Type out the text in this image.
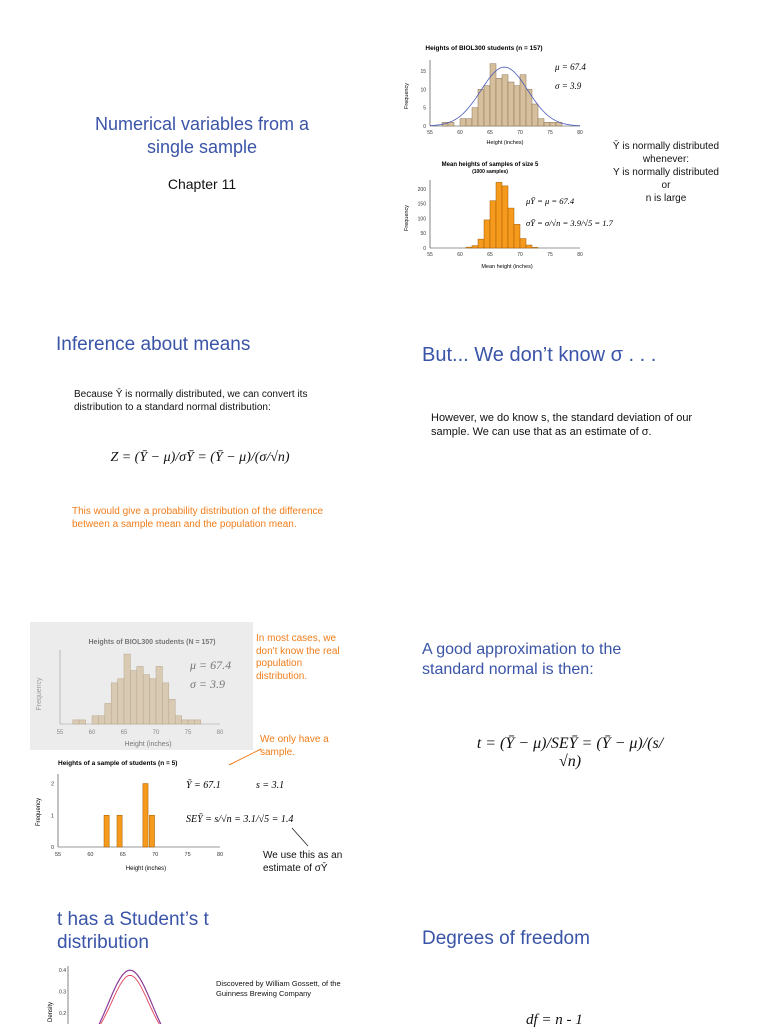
Numerical variables from a single sample
Chapter 11
Heights of BIOL300 students (n = 157)
55	60	65	70	75	80
0
5
10
15
Height (inches)
Frequency
μ = 67.4
σ = 3.9
Mean heights of samples of size 5
(1000 samples)
55	60	65	70	75	80
0
50
100
150
200
Mean height (inches)
Frequency
μȲ = μ = 67.4
σȲ = σ/√n = 3.9/√5 = 1.7
Ȳ is normally distributed
whenever:
Y is normally distributed
or
n is large
Inference about means
Because Ȳ is normally distributed, we can convert its distribution to a standard normal distribution:
Z = (Ȳ − μ)/σȲ = (Ȳ − μ)/(σ/√n)
This would give a probability distribution of the difference between a sample mean and the population mean.
But... We don’t know σ . . .
However, we do know s, the standard deviation of our sample. We can use that as an estimate of σ.
Heights of BIOL300 students (N = 157)
55	60	65	70	75	80
Height (inches)
Frequency
μ = 67.4
σ = 3.9
In most cases, we don't know the real population distribution.
We only have a sample.
Heights of a sample of students (n = 5)
55	60	65	70	75	80
0
1
2
Height (inches)
Frequency
Ȳ = 67.1	s = 3.1
SEȲ = s/√n = 3.1/√5 = 1.4
We use this as an estimate of σȲ
A good approximation to the standard normal is then:
t = (Ȳ − μ)/SEȲ = (Ȳ − μ)/(s/√n)
t has a Student’s t distribution
0.4
0.3
0.2
Density
Discovered by William Gossett, of the Guinness Brewing Company
Degrees of freedom
df = n - 1
